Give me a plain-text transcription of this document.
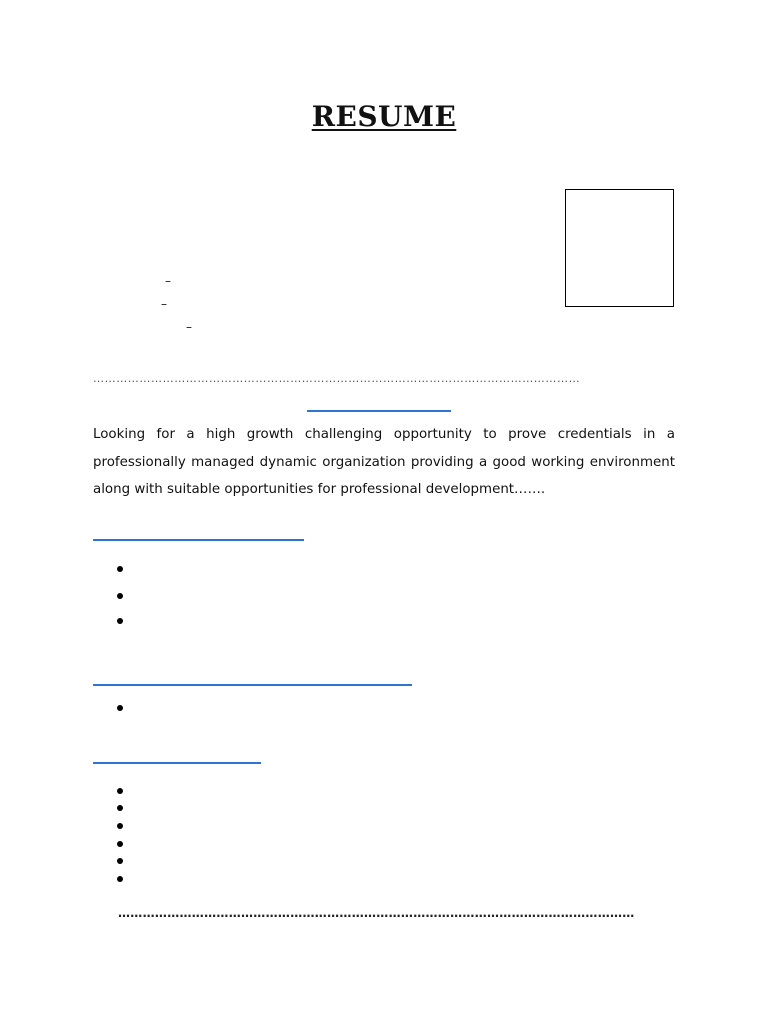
RESUME
–
–
–
………………………………………………………………………………………………………………
Looking for a high growth challenging opportunity to prove credentials in a professionally managed dynamic organization providing a good working environment along with suitable opportunities for professional development…….
………………………………………………………………………………………………………………
